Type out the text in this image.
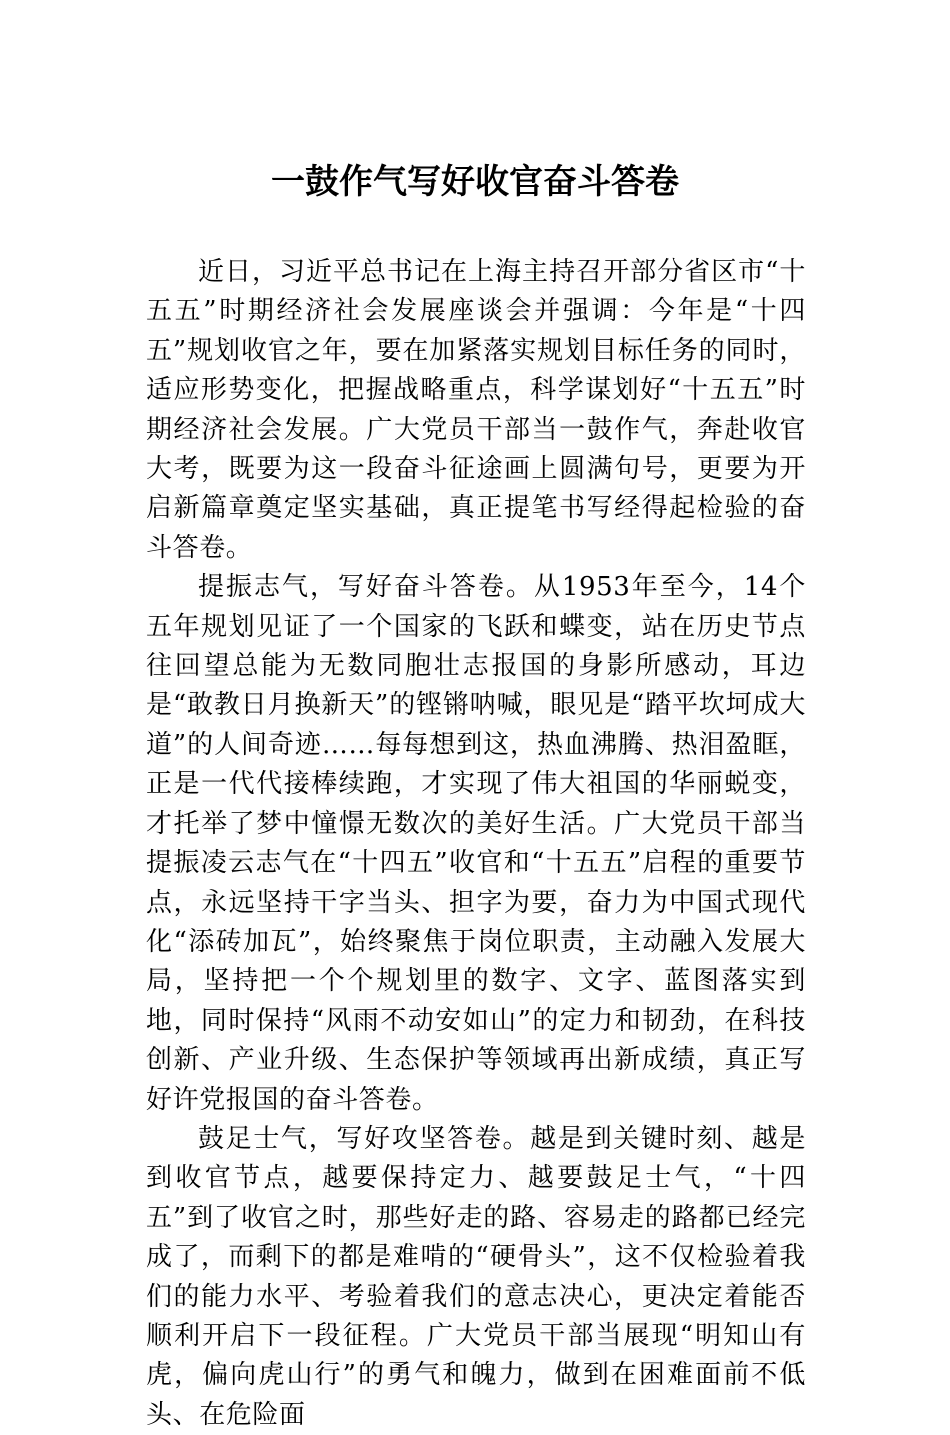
一鼓作气写好收官奋斗答卷

近日，习近平总书记在上海主持召开部分省区市“十五五”时期经济社会发展座谈会并强调：今年是“十四五”规划收官之年，要在加紧落实规划目标任务的同时，适应形势变化，把握战略重点，科学谋划好“十五五”时期经济社会发展。广大党员干部当一鼓作气，奔赴收官大考，既要为这一段奋斗征途画上圆满句号，更要为开启新篇章奠定坚实基础，真正提笔书写经得起检验的奋斗答卷。

提振志气，写好奋斗答卷。从1953年至今，14个五年规划见证了一个国家的飞跃和蝶变，站在历史节点往回望总能为无数同胞壮志报国的身影所感动，耳边是“敢教日月换新天”的铿锵呐喊，眼见是“踏平坎坷成大道”的人间奇迹……每每想到这，热血沸腾、热泪盈眶，正是一代代接棒续跑，才实现了伟大祖国的华丽蜕变，才托举了梦中憧憬无数次的美好生活。广大党员干部当提振凌云志气在“十四五”收官和“十五五”启程的重要节点，永远坚持干字当头、担字为要，奋力为中国式现代化“添砖加瓦”，始终聚焦于岗位职责，主动融入发展大局，坚持把一个个规划里的数字、文字、蓝图落实到地，同时保持“风雨不动安如山”的定力和韧劲，在科技创新、产业升级、生态保护等领域再出新成绩，真正写好许党报国的奋斗答卷。

鼓足士气，写好攻坚答卷。越是到关键时刻、越是到收官节点，越要保持定力、越要鼓足士气，“十四五”到了收官之时，那些好走的路、容易走的路都已经完成了，而剩下的都是难啃的“硬骨头”，这不仅检验着我们的能力水平、考验着我们的意志决心，更决定着能否顺利开启下一段征程。广大党员干部当展现“明知山有虎，偏向虎山行”的勇气和魄力，做到在困难面前不低头、在危险面
